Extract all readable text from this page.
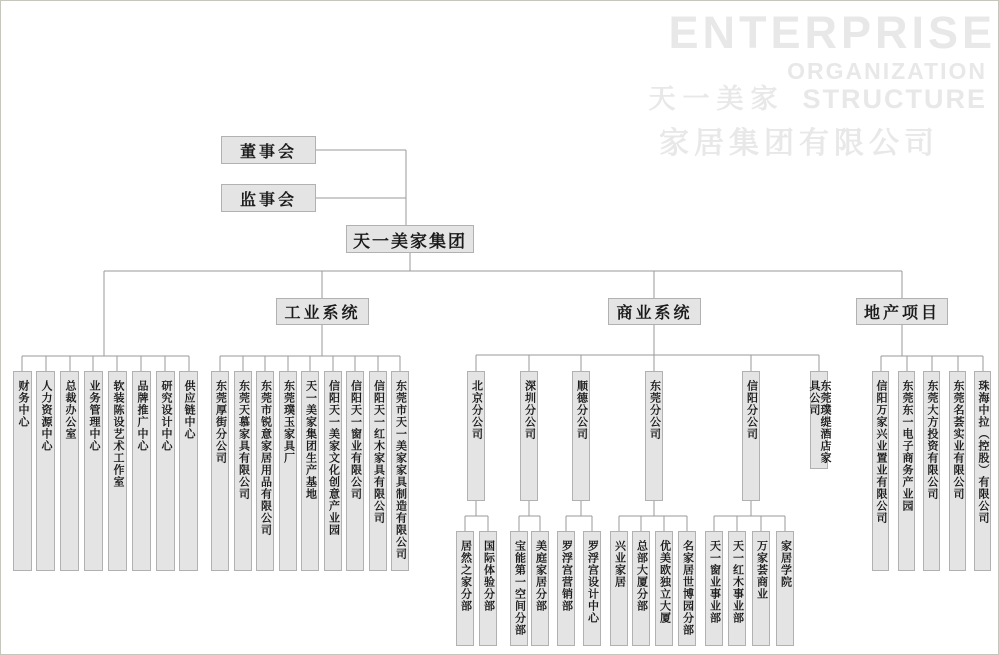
ENTERPRISE
ORGANIZATION
天一美家 STRUCTURE
家居集团有限公司
董事会
监事会
天一美家集团
工业系统	商业系统	地产项目
财务中心	人力资源中心	总裁办公室	业务管理中心	软装陈设艺术工作室	品牌推广中心	研究设计中心	供应链中心	东莞厚街分公司	东莞天慕家具有限公司 东莞市锐意家居用品有限公司	东莞璞玉家具厂 天一美家集团生产基地	信阳天一美家文化创意产业园 信阳天一窗业有限公司	信阳天一红木家具有限公司 东莞市天一美家家具制造有限公司	北京分公司	深圳分公司	顺德分公司	东莞分公司	信阳分公司	东莞璞缇酒店家具公司
居然之家分部	国际体验分部	宝能第一空间分部 美庭家居分部	罗浮宫营销部	罗浮宫设计中心	兴业家居 总部大厦分部	优美欧独立大厦	名家居世博园分部	天一窗业事业部	天一红木事业部	万家荟商业	家居学院
信阳万家兴业置业有限公司 东莞东一电子商务产业园 东莞大方投资有限公司 东莞名荟实业有限公司 珠海中拉（控股）有限公司
